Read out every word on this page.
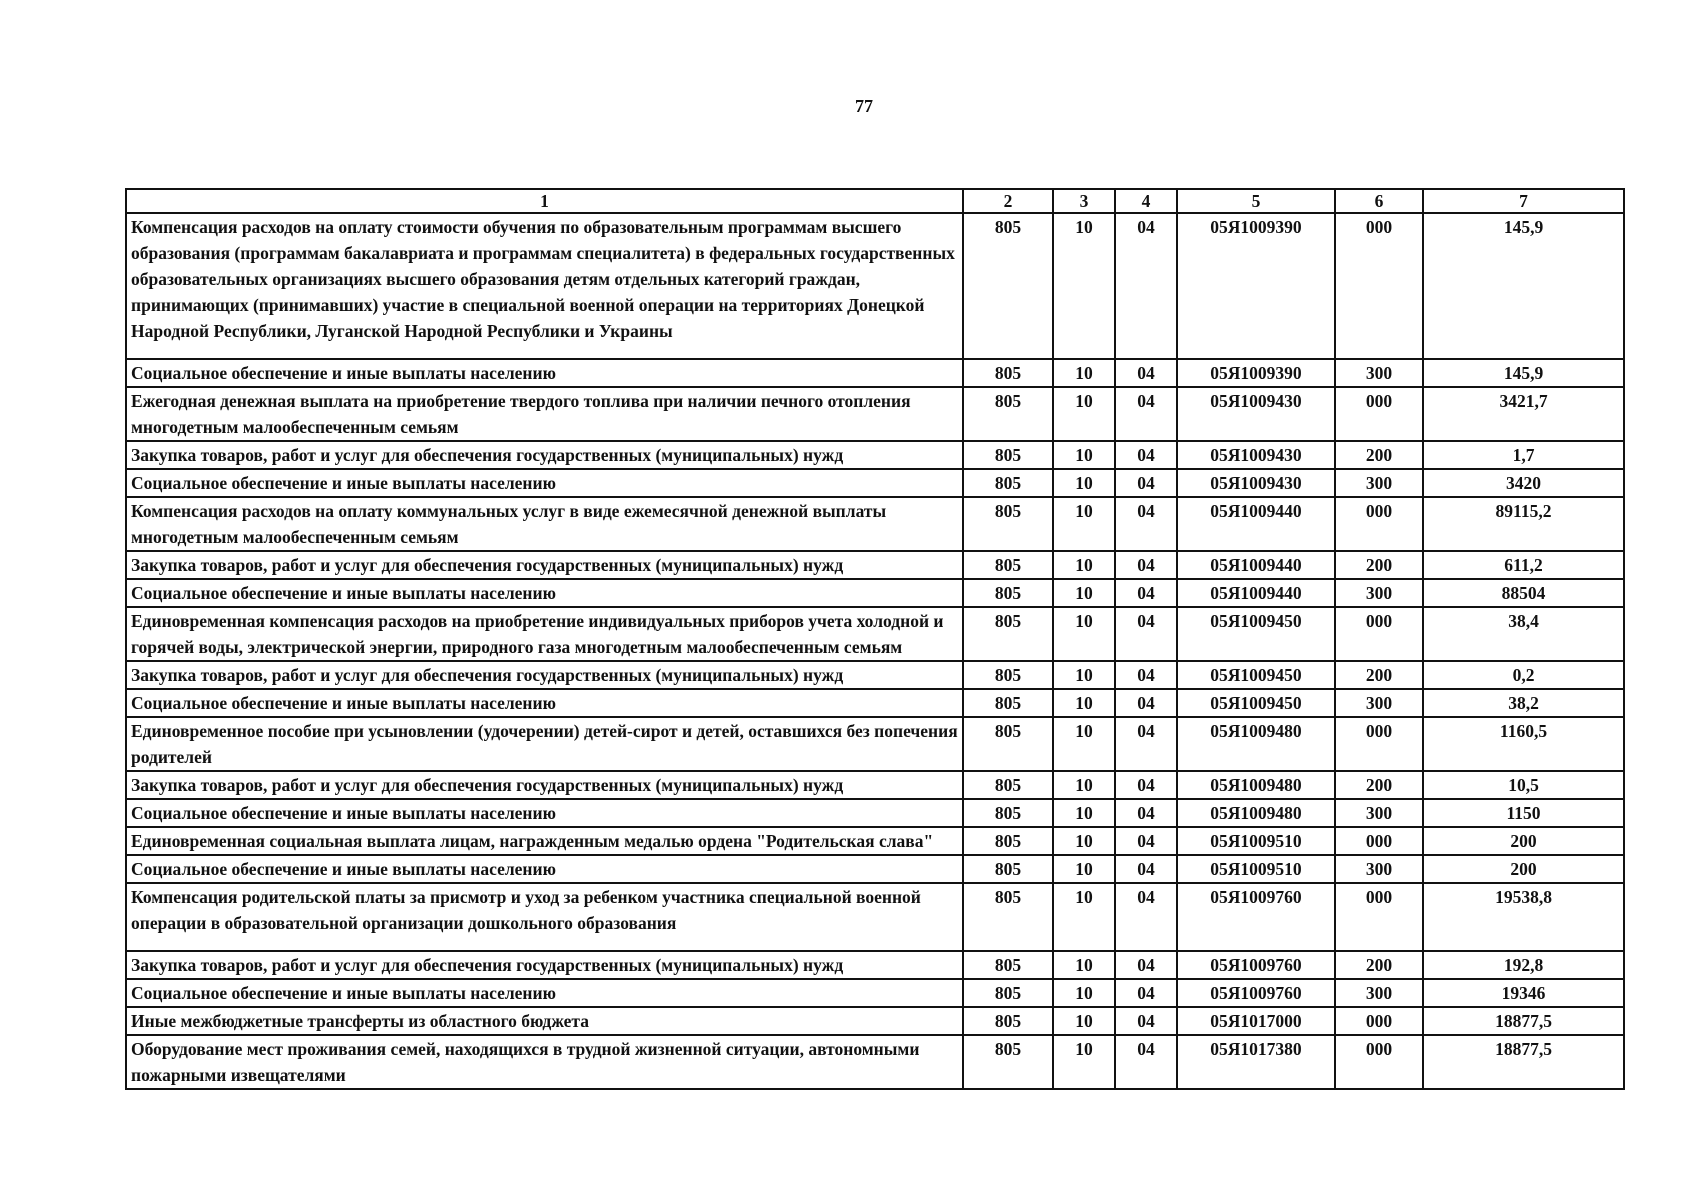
77
1	2	3	4	5	6	7
Компенсация расходов на оплату стоимости обучения по образовательным программам высшего образования (программам бакалавриата и программам специалитета) в федеральных государственных образовательных организациях высшего образования детям отдельных категорий граждан, принимающих (принимавших) участие в специальной военной операции на территориях Донецкой Народной Республики, Луганской Народной Республики и Украины	805	10	04	05Я1009390	000	145,9
Социальное обеспечение и иные выплаты населению	805	10	04	05Я1009390	300	145,9
Ежегодная денежная выплата на приобретение твердого топлива при наличии печного отопления многодетным малообеспеченным семьям	805	10	04	05Я1009430	000	3421,7
Закупка товаров, работ и услуг для обеспечения государственных (муниципальных) нужд	805	10	04	05Я1009430	200	1,7
Социальное обеспечение и иные выплаты населению	805	10	04	05Я1009430	300	3420
Компенсация расходов на оплату коммунальных услуг в виде ежемесячной денежной выплаты многодетным малообеспеченным семьям	805	10	04	05Я1009440	000	89115,2
Закупка товаров, работ и услуг для обеспечения государственных (муниципальных) нужд	805	10	04	05Я1009440	200	611,2
Социальное обеспечение и иные выплаты населению	805	10	04	05Я1009440	300	88504
Единовременная компенсация расходов на приобретение индивидуальных приборов учета холодной и горячей воды, электрической энергии, природного газа многодетным малообеспеченным семьям	805	10	04	05Я1009450	000	38,4
Закупка товаров, работ и услуг для обеспечения государственных (муниципальных) нужд	805	10	04	05Я1009450	200	0,2
Социальное обеспечение и иные выплаты населению	805	10	04	05Я1009450	300	38,2
Единовременное пособие при усыновлении (удочерении) детей-сирот и детей, оставшихся без попечения родителей	805	10	04	05Я1009480	000	1160,5
Закупка товаров, работ и услуг для обеспечения государственных (муниципальных) нужд	805	10	04	05Я1009480	200	10,5
Социальное обеспечение и иные выплаты населению	805	10	04	05Я1009480	300	1150
Единовременная социальная выплата лицам, награжденным медалью ордена "Родительская слава"	805	10	04	05Я1009510	000	200
Социальное обеспечение и иные выплаты населению	805	10	04	05Я1009510	300	200
Компенсация родительской платы за присмотр и уход за ребенком участника специальной военной операции в образовательной организации дошкольного образования	805	10	04	05Я1009760	000	19538,8
Закупка товаров, работ и услуг для обеспечения государственных (муниципальных) нужд	805	10	04	05Я1009760	200	192,8
Социальное обеспечение и иные выплаты населению	805	10	04	05Я1009760	300	19346
Иные межбюджетные трансферты из областного бюджета	805	10	04	05Я1017000	000	18877,5
Оборудование мест проживания семей, находящихся в трудной жизненной ситуации, автономными пожарными извещателями	805	10	04	05Я1017380	000	18877,5
